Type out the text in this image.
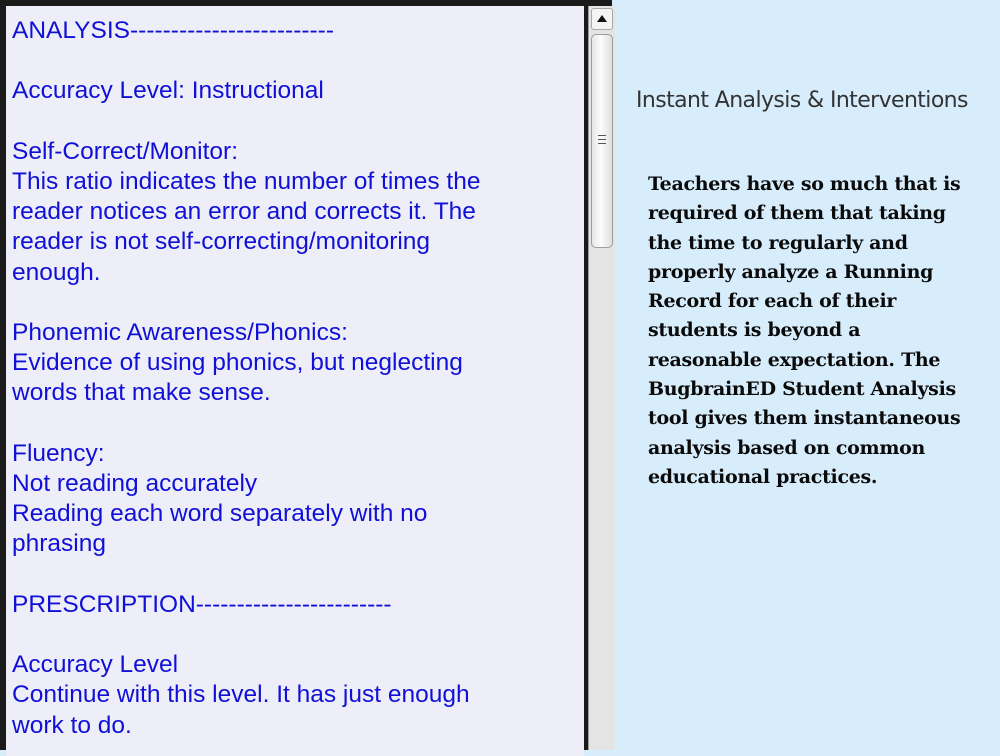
ANALYSIS-------------------------

Accuracy Level: Instructional

Self-Correct/Monitor:
This ratio indicates the number of times the
reader notices an error and corrects it. The
reader is not self-correcting/monitoring
enough.

Phonemic Awareness/Phonics:
Evidence of using phonics, but neglecting
words that make sense.

Fluency:
Not reading accurately
Reading each word separately with no
phrasing

PRESCRIPTION------------------------

Accuracy Level
Continue with this level. It has just enough
work to do.
Instant Analysis & Interventions

Teachers have so much that is required of them that taking the time to regularly and properly analyze a Running Record for each of their students is beyond a reasonable expectation. The BugbrainED Student Analysis tool gives them instantaneous analysis based on common educational practices.
